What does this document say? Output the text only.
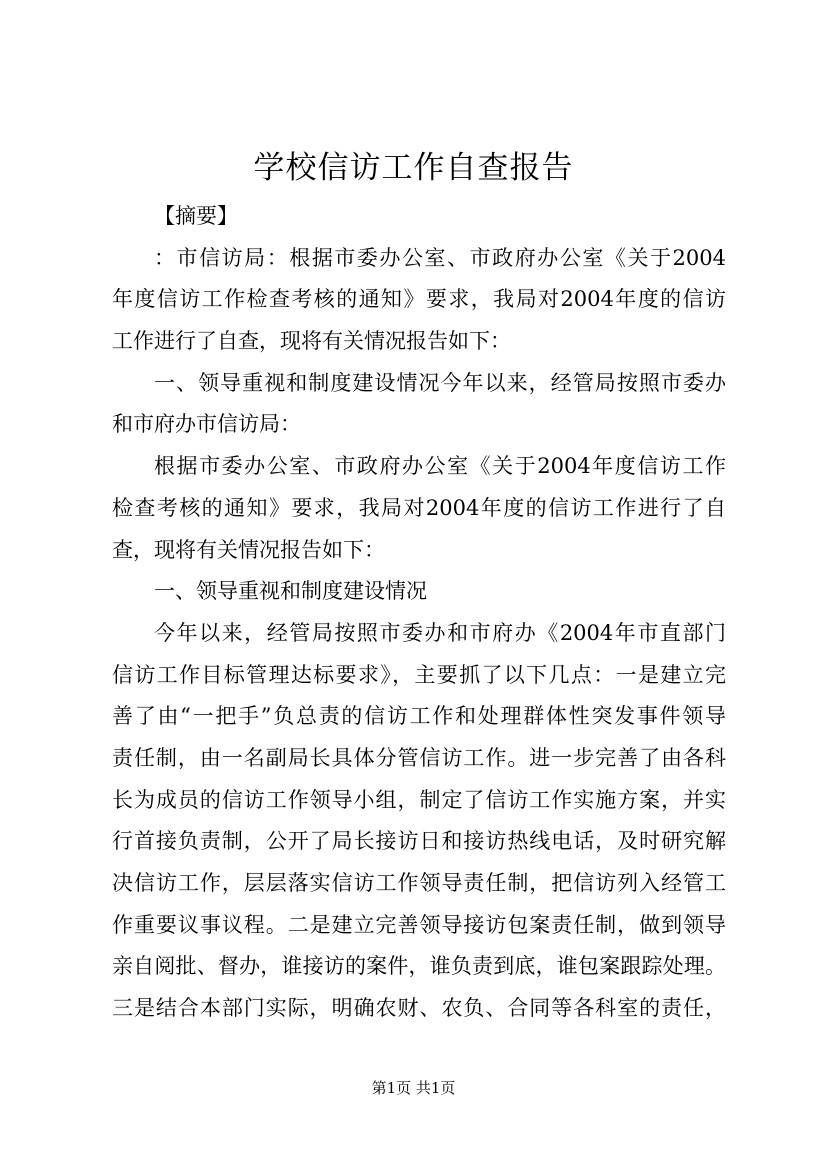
学校信访工作自查报告
【摘要】
：市信访局：根据市委办公室、市政府办公室《关于2004
年度信访工作检查考核的通知》要求，我局对2004年度的信访
工作进行了自查，现将有关情况报告如下：
一、领导重视和制度建设情况今年以来，经管局按照市委办
和市府办市信访局：
根据市委办公室、市政府办公室《关于2004年度信访工作
检查考核的通知》要求，我局对2004年度的信访工作进行了自
查，现将有关情况报告如下：
一、领导重视和制度建设情况
今年以来，经管局按照市委办和市府办《2004年市直部门
信访工作目标管理达标要求》，主要抓了以下几点：一是建立完
善了由“一把手”负总责的信访工作和处理群体性突发事件领导
责任制，由一名副局长具体分管信访工作。进一步完善了由各科
长为成员的信访工作领导小组，制定了信访工作实施方案，并实
行首接负责制，公开了局长接访日和接访热线电话，及时研究解
决信访工作，层层落实信访工作领导责任制，把信访列入经管工
作重要议事议程。二是建立完善领导接访包案责任制，做到领导
亲自阅批、督办，谁接访的案件，谁负责到底，谁包案跟踪处理。
三是结合本部门实际，明确农财、农负、合同等各科室的责任，
第1页 共1页
